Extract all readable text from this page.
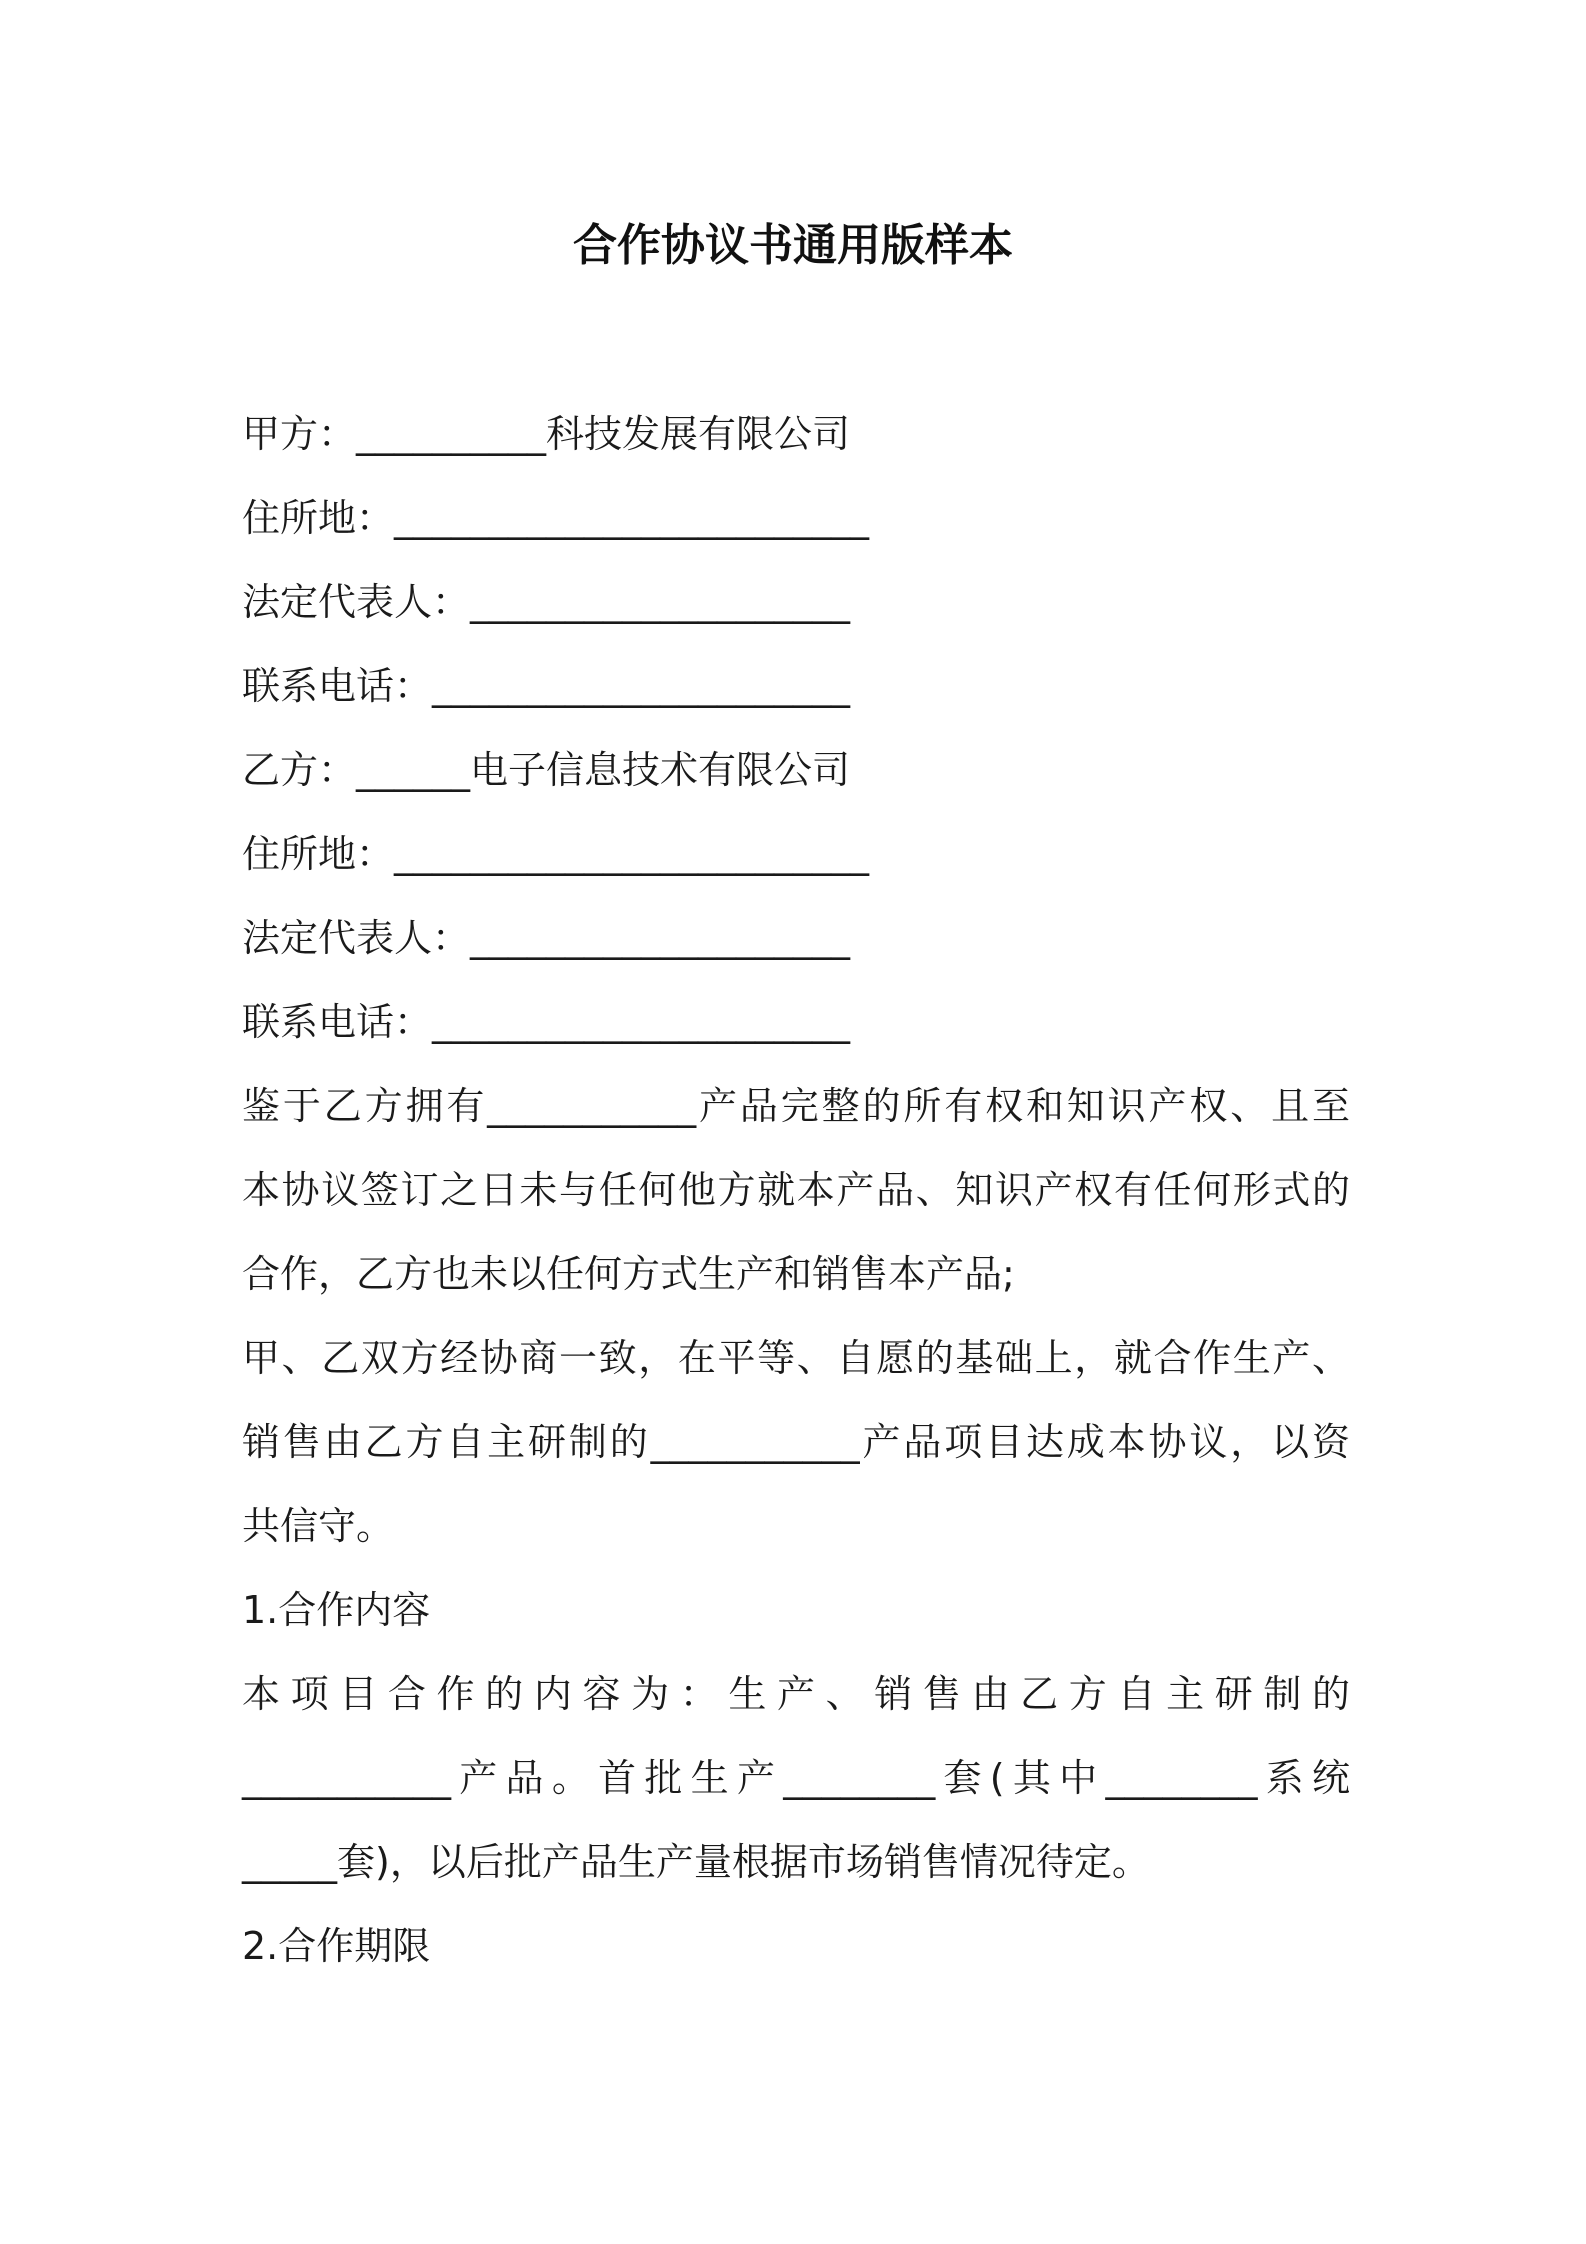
合作协议书通用版样本
甲方：__________科技发展有限公司
住所地：_________________________
法定代表人：____________________
联系电话：______________________
乙方：______电子信息技术有限公司
住所地：_________________________
法定代表人：____________________
联系电话：______________________
鉴于乙方拥有___________产品完整的所有权和知识产权、且至
本协议签订之日未与任何他方就本产品、知识产权有任何形式的
合作，乙方也未以任何方式生产和销售本产品;
甲、乙双方经协商一致，在平等、自愿的基础上，就合作生产、
销售由乙方自主研制的___________产品项目达成本协议，以资
共信守。
1.合作内容
本项目合作的内容为：生产、销售由乙方自主研制的
___________产品。首批生产________套(其中________系统
_____套)，以后批产品生产量根据市场销售情况待定。
2.合作期限
